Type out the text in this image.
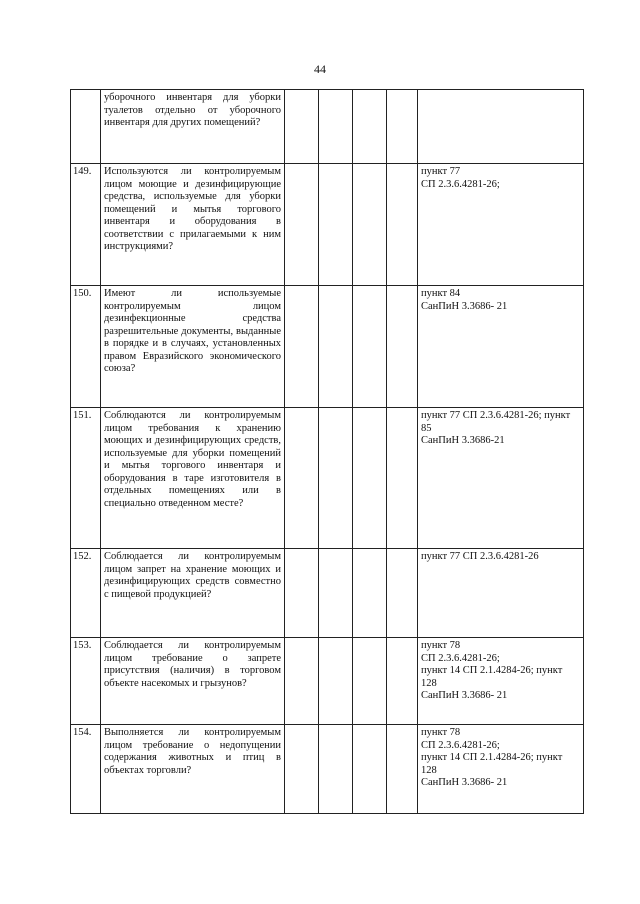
44
	уборочного инвентаря для уборки туалетов отдельно от уборочного инвентаря для других помещений?					
149.	Используются ли контролируемым лицом моющие и дезинфицирующие средства, используемые для уборки помещений и мытья торгового инвентаря и оборудования в соответствии с прилагаемыми к ним инструкциями?					пункт 77
СП 2.3.6.4281-26;
150.	Имеют ли используемые контролируемым лицом дезинфекционные средства разрешительные документы, выданные в порядке и в случаях, установленных правом Евразийского экономического союза?					пункт 84
СанПиН 3.3686- 21
151.	Соблюдаются ли контролируемым лицом требования к хранению моющих и дезинфицирующих средств, используемые для уборки помещений и мытья торгового инвентаря и оборудования в таре изготовителя в отдельных помещениях или в специально отведенном месте?					пункт 77 СП 2.3.6.4281-26; пункт 85
СанПиН 3.3686-21
152.	Соблюдается ли контролируемым лицом запрет на хранение моющих и дезинфицирующих средств совместно с пищевой продукцией?					пункт 77 СП 2.3.6.4281-26
153.	Соблюдается ли контролируемым лицом требование о запрете присутствия (наличия) в торговом объекте насекомых и грызунов?					пункт 78
СП 2.3.6.4281-26;
пункт 14 СП 2.1.4284-26; пункт 128
СанПиН 3.3686- 21
154.	Выполняется ли контролируемым лицом требование о недопущении содержания животных и птиц в объектах торговли?					пункт 78
СП 2.3.6.4281-26;
пункт 14 СП 2.1.4284-26; пункт 128
СанПиН 3.3686- 21
